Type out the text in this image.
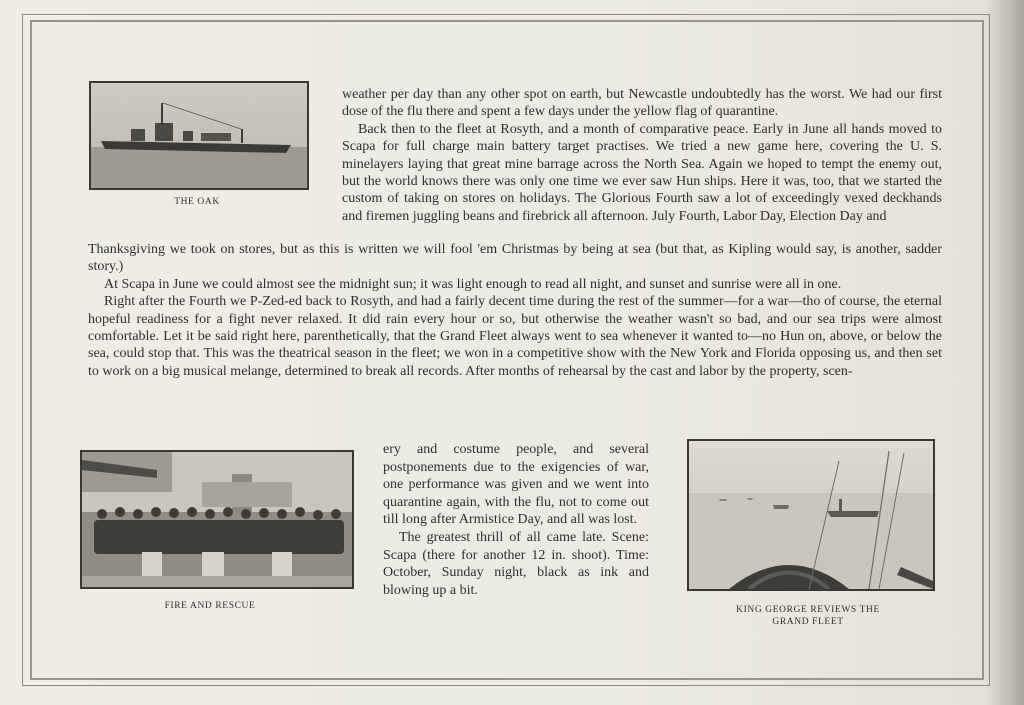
THE OAK

weather per day than any other spot on earth, but Newcastle undoubtedly has the worst. We had our first dose of the flu there and spent a few days under the yellow flag of quarantine.

Back then to the fleet at Rosyth, and a month of comparative peace. Early in June all hands moved to Scapa for full charge main battery target practises. We tried a new game here, covering the U. S. minelayers laying that great mine barrage across the North Sea. Again we hoped to tempt the enemy out, but the world knows there was only one time we ever saw Hun ships. Here it was, too, that we started the custom of taking on stores on holidays. The Glorious Fourth saw a lot of exceedingly vexed deckhands and firemen juggling beans and firebrick all afternoon. July Fourth, Labor Day, Election Day and

Thanksgiving we took on stores, but as this is written we will fool 'em Christmas by being at sea (but that, as Kipling would say, is another, sadder story.)

At Scapa in June we could almost see the midnight sun; it was light enough to read all night, and sunset and sunrise were all in one.

Right after the Fourth we P-Zed-ed back to Rosyth, and had a fairly decent time during the rest of the summer—for a war—tho of course, the eternal hopeful readiness for a fight never relaxed. It did rain every hour or so, but otherwise the weather wasn't so bad, and our sea trips were almost comfortable. Let it be said right here, parenthetically, that the Grand Fleet always went to sea whenever it wanted to—no Hun on, above, or below the sea, could stop that. This was the theatrical season in the fleet; we won in a competitive show with the New York and Florida opposing us, and then set to work on a big musical melange, determined to break all records. After months of rehearsal by the cast and labor by the property, scen-

FIRE AND RESCUE

ery and costume people, and several postponements due to the exigencies of war, one performance was given and we went into quarantine again, with the flu, not to come out till long after Armistice Day, and all was lost.

The greatest thrill of all came late. Scene: Scapa (there for another 12 in. shoot). Time: October, Sunday night, black as ink and blowing up a bit.

KING GEORGE REVIEWS THE GRAND FLEET
